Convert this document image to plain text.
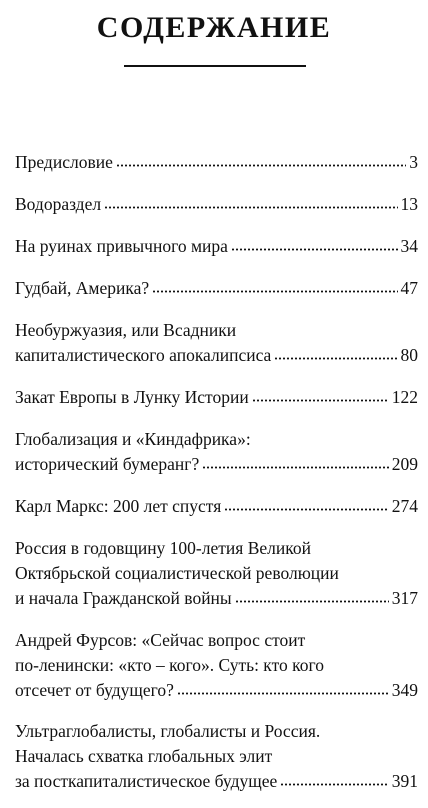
СОДЕРЖАНИЕ
Предисловие	3
Водораздел	13
На руинах привычного мира	34
Гудбай, Америка?	47
Необуржуазия, или Всадники
капиталистического апокалипсиса	80
Закат Европы в Лунку Истории	122
Глобализация и «Киндафрика»:
исторический бумеранг?	209
Карл Маркс: 200 лет спустя	274
Россия в годовщину 100-летия Великой
Октябрьской социалистической революции
и начала Гражданской войны	317
Андрей Фурсов: «Сейчас вопрос стоит
по-ленински: «кто – кого». Суть: кто кого
отсечет от будущего?	349
Ультраглобалисты, глобалисты и Россия.
Началась схватка глобальных элит
за посткапиталистическое будущее	391
